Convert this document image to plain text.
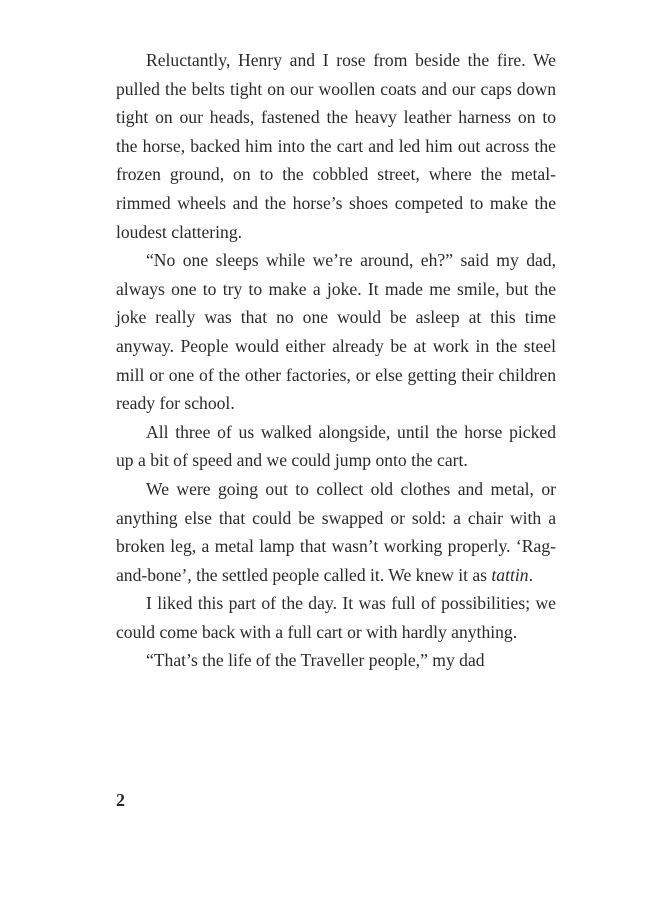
Reluctantly, Henry and I rose from beside the fire. We pulled the belts tight on our woollen coats and our caps down tight on our heads, fastened the heavy leather harness on to the horse, backed him into the cart and led him out across the frozen ground, on to the cobbled street, where the metal-rimmed wheels and the horse’s shoes competed to make the loudest clattering.

“No one sleeps while we’re around, eh?” said my dad, always one to try to make a joke. It made me smile, but the joke really was that no one would be asleep at this time anyway. People would either already be at work in the steel mill or one of the other factories, or else getting their children ready for school.

All three of us walked alongside, until the horse picked up a bit of speed and we could jump onto the cart.

We were going out to collect old clothes and metal, or anything else that could be swapped or sold: a chair with a broken leg, a metal lamp that wasn’t working properly. ‘Rag-and-bone’, the settled people called it. We knew it as tattin.

I liked this part of the day. It was full of possibilities; we could come back with a full cart or with hardly anything.

“That’s the life of the Traveller people,” my dad

2
